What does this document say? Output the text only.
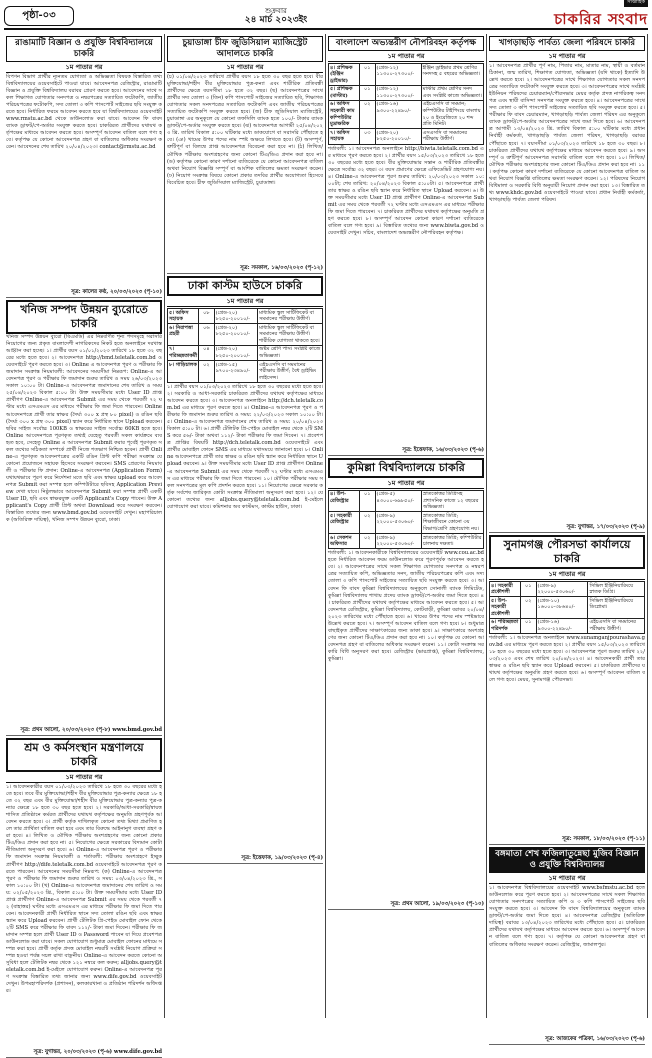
পৃষ্ঠা-০৩	শুক্রবার
২৪ মার্চ ২০২৩ইং
সাপ্তাহিক
চাকরির সংবাদ
রাঙামাটি বিজ্ঞান ও প্রযুক্তি বিশ্ববিদ্যালয়ে চাকরি
১ম পাতার পর
বিপণন বিভাগ প্রার্থীর ন্যূনতম যোগ্যতা ও অভিজ্ঞতা বিষয়ক বিস্তারিত তথ্য বিশ্ববিদ্যালয়ের ওয়েবসাইটে পাওয়া যাবে। আবেদনপত্র রেজিস্ট্রার, রাঙামাটি বিজ্ঞান ও প্রযুক্তি বিশ্ববিদ্যালয় বরাবর প্রেরণ করতে হবে। আবেদনের সাথে সকল শিক্ষাগত যোগ্যতার সনদপত্র ও নম্বরপত্রের সত্যায়িত ফটোকপি, জাতীয় পরিচয়পত্রের ফটোকপি, সদ্য তোলা ৩ কপি পাসপোর্ট সাইজের ছবি সংযুক্ত করতে হবে। নির্ধারিত ফরমে আবেদন করতে হবে যা বিশ্ববিদ্যালয়ের ওয়েবসাইট www.rmstu.ac.bd থেকে ডাউনলোড করা যাবে। আবেদন ফি বাবদ ব্যাংক ড্রাফট/পে-অর্ডার সংযুক্ত করতে হবে। চাকরিরত প্রার্থীদের যথাযথ কর্তৃপক্ষের মাধ্যমে আবেদন করতে হবে। অসম্পূর্ণ আবেদন বাতিল বলে গণ্য হবে। কর্তৃপক্ষ যে কোনো আবেদনপত্র গ্রহণ বা বাতিলের অধিকার সংরক্ষণ করেন। আবেদনের শেষ তারিখ ২০/০৪/২০২৩। contact@rmstu.ac.bd
সূত্র: কালের কণ্ঠ, ২০/০৩/২০২৩ (পৃ-১০)
খনিজ সম্পদ উন্নয়ন ব্যুরোতে চাকরি
খনিজ সম্পদ উন্নয়ন ব্যুরো (বিএমডি) এর নিম্নবর্ণিত শূন্য পদসমূহে সরাসরি নিয়োগের জন্য প্রকৃত বাংলাদেশী নাগরিকদের নিকট হতে অনলাইনে দরখাস্ত আহ্বান করা হচ্ছে। ১। প্রার্থীর বয়স ০১/০১/২০২৩ তারিখে ১৮ হতে ৩২ বছরের মধ্যে হতে হবে। ২। আবেদনপত্র http://bmd.teletalk.com.bd ওয়েবসাইটে পূরণ করতে হবে। ৩। Online এ আবেদনপত্র পূরণ ও পরীক্ষার ফি জমাদান সংক্রান্ত নিয়মাবলী: আবেদনের সময়সীমা নিম্নরূপ: Online-এ আবেদনপত্র পূরণ ও পরীক্ষার ফি জমাদান শুরুর তারিখ ও সময় ২৬/০৩/২০২৩ সকাল ১০:০০ টা। Online-এ আবেদনপত্র জমাদানের শেষ তারিখ ও সময় ২৫/০৪/২০২৩ বিকাল ৫:০০ টা। উক্ত সময়সীমার মধ্যে User ID প্রাপ্ত প্রার্থীগণ Online-এ আবেদনপত্র Submit এর সময় থেকে পরবর্তী ৭২ ঘণ্টার মধ্যে এসএমএস এর মাধ্যমে পরীক্ষার ফি জমা দিতে পারবেন। Online আবেদনপত্রে প্রার্থী তার স্বাক্ষর (দৈর্ঘ্য ৩০০ x প্রস্থ ৮০ pixel) ও রঙিন ছবি (দৈর্ঘ্য ৩০০ x প্রস্থ ৩০০ pixel) স্ক্যান করে নির্ধারিত স্থানে Upload করবেন। ছবির সাইজ সর্বোচ্চ 100KB ও স্বাক্ষরের সাইজ সর্বোচ্চ 60KB হতে হবে। Online আবেদনপত্রে পূরণকৃত তথ্যই যেহেতু পরবর্তী সকল কার্যক্রমে ব্যবহৃত হবে, সেহেতু Online এ আবেদনপত্র Submit করার পূর্বেই পূরণকৃত সকল তথ্যের সঠিকতা সম্পর্কে প্রার্থী নিজে শতভাগ নিশ্চিত হবেন। প্রার্থী Online-এ পূরণকৃত আবেদনপত্রের একটি রঙিন প্রিন্ট কপি পরীক্ষা সংক্রান্ত যে কোনো প্রয়োজনে সহায়ক হিসেবে সংরক্ষণ করবেন। SMS প্রেরণের নিয়মাবলী ও পরীক্ষার ফি প্রদান: Online-এ আবেদনপত্র (Application Form) যথাযথভাবে পূরণ করে নির্দেশনা মতে ছবি এবং স্বাক্ষর upload করে আবেদনপত্র Submit করা সম্পন্ন হলে কম্পিউটারে ছবিসহ Application Preview দেখা যাবে। নিষ্ঠুলভাবে আবেদনপত্র Submit করা সম্পন্ন প্রার্থী একটি User ID, ছবি এবং স্বাক্ষরযুক্ত একটি Applicant's Copy পাবেন। উক্ত Applicant's Copy প্রার্থী প্রিন্ট অথবা Download করে সংরক্ষণ করবেন। বিস্তারিত তথ্যের জন্য www.bmd.gov.bd ওয়েবসাইট দেখুন। মহাপরিচালক (অতিরিক্ত দায়িত্ব), খনিজ সম্পদ উন্নয়ন ব্যুরো, ঢাকা।
সূত্র: প্রথম আলো, ২০/০৩/২০২৩ (পৃ-৮) www.bmd.gov.bd
শ্রম ও কর্মসংস্থান মন্ত্রণালয়ে চাকরি
১ম পাতার পর
১। আবেদনকারীর বয়স ০১/০৩/২০২৩ তারিখে ১৮ হতে ৩০ বছরের মধ্যে হতে হবে। তবে বীর মুক্তিযোদ্ধা/শহীদ বীর মুক্তিযোদ্ধার পুত্র-কন্যার ক্ষেত্রে ১৮ হতে ৩২ বছর এবং বীর মুক্তিযোদ্ধা/শহীদ বীর মুক্তিযোদ্ধার পুত্র-কন্যার পুত্র-কন্যার ক্ষেত্রে ১৮ হতে ৩০ বছর হতে হবে। ২। সরকারি/আধা-সরকারি/স্বায়ত্তশাসিত প্রতিষ্ঠানে কর্মরত প্রার্থীদের যথাযথ কর্তৃপক্ষের অনুমতি গ্রহণপূর্বক আবেদন করতে হবে। ৩। প্রার্থী কর্তৃক দাখিলকৃত কোনো তথ্য মিথ্যা প্রমাণিত হলে তার প্রার্থিতা বাতিল করা হবে এবং তার বিরুদ্ধে আইনানুগ ব্যবস্থা গ্রহণ করা হবে। ৪। লিখিত ও মৌখিক পরীক্ষায় অংশগ্রহণের জন্য কোনো প্রকার টিএ/ডিএ প্রদান করা হবে না। ৫। নিয়োগের ক্ষেত্রে সরকারের বিদ্যমান কোটা নীতিমালা অনুসরণ করা হবে। ৬। Online-এ আবেদনপত্র পূরণ ও পরীক্ষার ফি জমাদান সংক্রান্ত নিয়মাবলী ও শর্তাবলী: পরীক্ষায় অংশগ্রহণে ইচ্ছুক প্রার্থীগণ http://dife.teletalk.com.bd ওয়েবসাইটে আবেদনপত্র পূরণ করতে পারবেন। আবেদনের সময়সীমা নিম্নরূপ: (ক) Online-এ আবেদনপত্র পূরণ ও পরীক্ষার ফি জমাদান শুরুর তারিখ ও সময়: ০৩/০৪/২০২৩ খ্রি., সকাল ১০:০০ টা। (খ) Online-এ আবেদনপত্র জমাদানের শেষ তারিখ ও সময়: ০২/০৫/২০২৩ খ্রি., বিকাল ৫:০০ টা। উক্ত সময়সীমার মধ্যে User ID প্রাপ্ত প্রার্থীগণ Online-এ আবেদনপত্র Submit এর সময় থেকে পরবর্তী ৭২ (বাহাত্তর) ঘণ্টার মধ্যে এসএমএস এর মাধ্যমে পরীক্ষার ফি জমা দিতে পারবেন। আবেদনকারী প্রার্থী নির্ধারিত স্থানে সদ্য তোলা রঙিন ছবি এবং স্বাক্ষর স্ক্যান করে Upload করবেন। প্রার্থী টেলিটক প্রি-পেইড মোবাইল ফোন থেকে ২টি SMS করে পরীক্ষার ফি বাবদ ১১২/- টাকা জমা দিবেন। পরীক্ষার ফি জমাদান সম্পন্ন হলে প্রার্থী User ID ও Password পাবেন যা দিয়ে প্রবেশপত্র ডাউনলোড করা যাবে। সকল যোগাযোগ শুধুমাত্র মোবাইল ফোনের মাধ্যমে সম্পন্ন করা হবে। প্রার্থী কর্তৃক প্রদত্ত মোবাইল নম্বরটি সংশ্লিষ্ট নিয়োগ প্রক্রিয়া সম্পন্ন হওয়া পর্যন্ত সচল রাখা বাঞ্ছনীয়। Online-এ আবেদন করতে কোনো অসুবিধা হলে টেলিটক নম্বর থেকে ১২১ নম্বরে কল করুন; alljobs.query@teletalk.com.bd ই-মেইলে যোগাযোগ করুন। Online-এ আবেদনপত্র পূরণ সংক্রান্ত বিস্তারিত তথ্য জানার জন্য www.dife.gov.bd ওয়েবসাইট দেখুন। উপমহাপরিদর্শক (প্রশাসন), কলকারখানা ও প্রতিষ্ঠান পরিদর্শন অধিদপ্তর।
সূত্র: যুগান্তর, ২০/০৩/২০২৩ (পৃ-৬) www.dife.gov.bd
চুয়াডাঙ্গা চীফ জুডিসিয়াল ম্যাজিস্ট্রেট আদালতে চাকরি
১ম পাতার পর
(চ) ০১/০৪/২০২৩ তারিখে প্রার্থীর বয়স ১৮ হতে ৩০ বছর হতে হবে। বীর মুক্তিযোদ্ধা/শহীদ বীর মুক্তিযোদ্ধার পুত্র-কন্যা এবং শারীরিক প্রতিবন্ধী প্রার্থীদের ক্ষেত্রে বয়সসীমা ১৮ হতে ৩২ বছর। (ছ) আবেদনপত্রের সাথে প্রার্থীর সদ্য তোলা ৩ (তিন) কপি পাসপোর্ট সাইজের সত্যায়িত ছবি, শিক্ষাগত যোগ্যতার সকল সনদপত্রের সত্যায়িত ফটোকপি এবং জাতীয় পরিচয়পত্রের সত্যায়িত ফটোকপি সংযুক্ত করতে হবে। (জ) চীফ জুডিসিয়াল ম্যাজিস্ট্রেট, চুয়াডাঙ্গা এর অনুকূলে যে কোনো তফসিলি ব্যাংক হতে ১০০/- টাকার ব্যাংক ড্রাফট/পে-অর্ডার সংযুক্ত করতে হবে। (ঝ) আবেদনপত্র আগামী ২৫/০৪/২০২৩ খ্রি. তারিখ বিকাল ৫:০০ ঘটিকার মধ্যে ডাকযোগে বা সরাসরি পৌঁছাতে হবে। (ঞ) খামের উপর পদের নাম স্পষ্ট অক্ষরে লিখতে হবে। (ট) অসম্পূর্ণ, ত্রুটিপূর্ণ বা বিলম্বে প্রাপ্ত আবেদনপত্র বিবেচনা করা হবে না। (ঠ) লিখিত/মৌখিক পরীক্ষায় অংশগ্রহণের জন্য কোনো টিএ/ডিএ প্রদান করা হবে না। (ড) কর্তৃপক্ষ কোনো কারণ দর্শানো ব্যতিরেকে যে কোনো আবেদনপত্র বাতিল অথবা নিয়োগ বিজ্ঞপ্তি সম্পূর্ণ বা আংশিক বাতিলের ক্ষমতা সংরক্ষণ করেন। (ঢ) নিয়োগ সংক্রান্ত বিষয়ে কোনো প্রকার তদবির প্রার্থীর অযোগ্যতা হিসেবে বিবেচিত হবে। চীফ জুডিসিয়াল ম্যাজিস্ট্রেট, চুয়াডাঙ্গা।
সূত্র: সমকাল, ১৬/০৩/২০২৩ (পৃ-১২)
ঢাকা কাস্টম হাউসে চাকরি
১ম পাতার পর
৫। অফিস সহায়ক	০৮	(গ্রেড-২০) ৮২৫০-২০০১০/-	মাধ্যমিক স্কুল সার্টিফিকেট বা সমমানের পরীক্ষায় উত্তীর্ণ।
৬। নিরাপত্তা প্রহরী	০৬	(গ্রেড-২০) ৮২৫০-২০০১০/-	মাধ্যমিক স্কুল সার্টিফিকেট বা সমমানের পরীক্ষায় উত্তীর্ণ। শারীরিক যোগ্যতা থাকতে হবে।
৭। পরিচ্ছন্নতাকর্মী	০৪	(গ্রেড-২০) ৮২৫০-২০০১০/-	অষ্টম শ্রেণি পাস। সংশ্লিষ্ট কাজে অভিজ্ঞতা।
৮। গাড়িচালক	০২	(গ্রেড-১৫) ৯৭০০-২৩৪৯০/-	এইচএসসি বা সমমানের পরীক্ষায় উত্তীর্ণ; বৈধ ড্রাইভিং লাইসেন্স।
১। প্রার্থীর বয়স ০১/০৩/২০২৩ তারিখে ১৮ হতে ৩০ বছরের মধ্যে হতে হবে। ২। সরকারি ও আধা-সরকারি চাকরিরত প্রার্থীদের যথাযথ কর্তৃপক্ষের মাধ্যমে আবেদন করতে হবে। ৩। আবেদনপত্র অনলাইনে http://dch.teletalk.com.bd এর মাধ্যমে পূরণ করতে হবে। ৪। Online-এ আবেদনপত্র পূরণ ও পরীক্ষার ফি জমাদান শুরুর তারিখ ও সময়: ২২/০৩/২০২৩ সকাল ১০:০০ টা। ৫। Online-এ আবেদনপত্র জমাদানের শেষ তারিখ ও সময়: ২০/০৪/২০২৩ বিকাল ৫:০০ টা। ৬। প্রার্থী টেলিটক প্রি-পেইড মোবাইল নম্বর থেকে ২টি SMS করে ৫৬/- টাকা অথবা ১১২/- টাকা পরীক্ষার ফি জমা দিবেন। ৭। প্রবেশপত্র প্রাপ্তির বিষয়টি http://dch.teletalk.com.bd ওয়েবসাইটে এবং প্রার্থীর মোবাইল ফোনে SMS এর মাধ্যমে যথাসময়ে জানানো হবে। ৮। Online আবেদনপত্রে প্রার্থী তার স্বাক্ষর ও রঙিন ছবি স্ক্যান করে নির্ধারিত স্থানে Upload করবেন। ৯। উক্ত সময়সীমার মধ্যে User ID প্রাপ্ত প্রার্থীগণ Online-এ আবেদনপত্র Submit এর সময় থেকে পরবর্তী ৭২ ঘণ্টার মধ্যে এসএমএস এর মাধ্যমে পরীক্ষার ফি জমা দিতে পারবেন। ১০। মৌখিক পরীক্ষার সময় সকল সনদপত্রের মূল কপি প্রদর্শন করতে হবে। ১১। নিয়োগের ক্ষেত্রে সরকার কর্তৃক সর্বশেষ জারিকৃত কোটা সংক্রান্ত নীতিমালা অনুসরণ করা হবে। ১২। যে কোনো তথ্যের জন্য alljobs.query@teletalk.com.bd ই-মেইলে যোগাযোগ করা যাবে। কমিশনার অব কাস্টমস, কাস্টম হাউস, ঢাকা।
সূত্র: ইত্তেফাক, ১৯/০৩/২০২৩ (পৃ-৪)
বাংলাদেশ অভ্যন্তরীণ নৌপরিবহন কর্তৃপক্ষ
১ম পাতার পর
৪। প্রশিক্ষক (ইঞ্জিন ড্রাইভার)	০১	(গ্রেড-১২) ১১৩০০-২৭৩০০/-	ইঞ্জিন ড্রাইভার প্রথম শ্রেণির সনদসহ ৫ বছরের অভিজ্ঞতা।
৫। প্রশিক্ষক (মাস্টার)	০১	(গ্রেড-১২) ১১৩০০-২৭৩০০/-	মাস্টার প্রথম শ্রেণির সনদ এবং সংশ্লিষ্ট কাজে অভিজ্ঞতা।
৬। অফিস সহকারী কাম কম্পিউটার মুদ্রাক্ষরিক	০২	(গ্রেড-১৬) ৯৩০০-২২৪৯০/-	এইচএসসি বা সমমান; কম্পিউটার টাইপিংয়ে বাংলায় ২০ ও ইংরেজিতে ২০ শব্দ প্রতি মিনিট।
৭। অফিস সহায়ক	০৩	(গ্রেড-২০) ৮২৫০-২০০১০/-	এসএসসি বা সমমানের পরীক্ষায় উত্তীর্ণ।
শর্তাবলী: ১। আবেদনপত্র অনলাইনে http://biwta.teletalk.com.bd এর মাধ্যমে পূরণ করতে হবে। ২। প্রার্থীর বয়স ১৫/০৩/২০২৩ তারিখে ১৮ হতে ৩০ বছরের মধ্যে হতে হবে। বীর মুক্তিযোদ্ধার সন্তান ও শারীরিক প্রতিবন্ধীর ক্ষেত্রে সর্বোচ্চ ৩২ বছর। ৩। বয়স প্রমাণের ক্ষেত্রে এফিডেভিট গ্রহণযোগ্য নয়। ৪। Online-এ আবেদনপত্র পূরণ শুরুর তারিখ: ২০/০৩/২০২৩ সকাল ১০:০০টা; শেষ তারিখ: ২০/০৪/২০২৩ বিকাল ৫:০০টা। ৫। আবেদনপত্রে প্রার্থী তার স্বাক্ষর ও রঙিন ছবি স্ক্যান করে নির্ধারিত স্থানে Upload করবেন। ৬। উক্ত সময়সীমার মধ্যে User ID প্রাপ্ত প্রার্থীগণ Online-এ আবেদনপত্র Submit এর সময় থেকে পরবর্তী ৭২ ঘণ্টার মধ্যে এসএমএস এর মাধ্যমে পরীক্ষার ফি জমা দিতে পারবেন। ৭। চাকরিরত প্রার্থীদের যথাযথ কর্তৃপক্ষের অনুমতি গ্রহণ করতে হবে। ৮। অসম্পূর্ণ আবেদন কোনো কারণ দর্শানো ব্যতিরেকে বাতিল বলে গণ্য হবে। ৯। বিস্তারিত তথ্যের জন্য www.biwta.gov.bd ওয়েবসাইট দেখুন। সচিব, বাংলাদেশ অভ্যন্তরীণ নৌপরিবহন কর্তৃপক্ষ।
সূত্র: ইত্তেফাক, ১৬/০৩/২০২৩ (পৃ-৬)
কুমিল্লা বিশ্ববিদ্যালয়ে চাকরি
১ম পাতার পর
৪। উপ-রেজিস্ট্রার	০১	(গ্রেড-৫) ৪৩০০০-৬৯৮৫০/-	স্নাতকোত্তর ডিগ্রিসহ প্রশাসনিক কাজে ১২ বছরের অভিজ্ঞতা।
৫। সহকারী রেজিস্ট্রার	০২	(গ্রেড-৯) ২২০০০-৫৩০৬০/-	স্নাতকোত্তর ডিগ্রি; শিক্ষাজীবনে কোনো ৩য় বিভাগ/শ্রেণি গ্রহণযোগ্য নয়।
৬। সেকশন অফিসার	০২	(গ্রেড-৯) ২২০০০-৫৩০৬০/-	স্নাতকোত্তর ডিগ্রি; কম্পিউটার চালনায় দক্ষতা।
শর্তাবলী: ১। আবেদনকারীকে বিশ্ববিদ্যালয়ের ওয়েবসাইট www.cou.ac.bd হতে নির্ধারিত আবেদন ফরম ডাউনলোড করে পূরণপূর্বক আবেদন করতে হবে। ২। আবেদনপত্রের সাথে সকল শিক্ষাগত যোগ্যতার সনদপত্র ও নম্বরপত্রের সত্যায়িত কপি, অভিজ্ঞতার সনদ, জাতীয় পরিচয়পত্রের কপি এবং সদ্য তোলা ৩ কপি পাসপোর্ট সাইজের সত্যায়িত ছবি সংযুক্ত করতে হবে। ৩। আবেদন ফি বাবদ কুমিল্লা বিশ্ববিদ্যালয়ের অনুকূলে সোনালী ব্যাংক লিমিটেড, কুমিল্লা বিশ্ববিদ্যালয় শাখায় প্রদেয় ব্যাংক ড্রাফট/পে-অর্ডার জমা দিতে হবে। ৪। চাকরিরত প্রার্থীদের যথাযথ কর্তৃপক্ষের মাধ্যমে আবেদন করতে হবে। ৫। আবেদনপত্র রেজিস্ট্রার, কুমিল্লা বিশ্ববিদ্যালয়, কোটবাড়ী, কুমিল্লা বরাবর ২০/০৪/২০২৩ তারিখের মধ্যে পৌঁছাতে হবে। ৬। খামের উপর পদের নাম স্পষ্টভাবে উল্লেখ করতে হবে। ৭। অসম্পূর্ণ আবেদন বাতিল বলে গণ্য হবে। ৮। শুধুমাত্র বাছাইকৃত প্রার্থীদের সাক্ষাৎকারের জন্য ডাকা হবে। ৯। সাক্ষাৎকারে অংশগ্রহণের জন্য কোনো টিএ/ডিএ প্রদান করা হবে না। ১০। কর্তৃপক্ষ যে কোনো আবেদনপত্র গ্রহণ বা বাতিলের অধিকার সংরক্ষণ করেন। ১১। কোটা সংক্রান্ত সরকারি বিধি অনুসরণ করা হবে। রেজিস্ট্রার (ভারপ্রাপ্ত), কুমিল্লা বিশ্ববিদ্যালয়, কুমিল্লা।
সূত্র: প্রথম আলো, ১৯/০৩/২০২৩ (পৃ-১০)
খাগড়াছড়ি পার্বত্য জেলা পরিষদে চাকরি
১ম পাতার পর
১। আবেদনপত্র প্রার্থীর পূর্ণ নাম, পিতার নাম, মাতার নাম, স্থায়ী ও বর্তমান ঠিকানা, জন্ম তারিখ, শিক্ষাগত যোগ্যতা, অভিজ্ঞতা (যদি থাকে) ইত্যাদি উল্লেখ করতে হবে। ২। আবেদনপত্রের সাথে শিক্ষাগত যোগ্যতার সকল সনদপত্রের সত্যায়িত ফটোকপি সংযুক্ত করতে হবে। ৩। আবেদনপত্রের সাথে সংশ্লিষ্ট ইউনিয়ন পরিষদের চেয়ারম্যান/পৌরসভার মেয়র কর্তৃক প্রদত্ত নাগরিকত্ব সনদপত্র এবং স্থায়ী বাসিন্দা সনদপত্র সংযুক্ত করতে হবে। ৪। আবেদনপত্রের সাথে সদ্য তোলা ৩ কপি পাসপোর্ট সাইজের সত্যায়িত ছবি সংযুক্ত করতে হবে। ৫। পরীক্ষার ফি বাবদ চেয়ারম্যান, খাগড়াছড়ি পার্বত্য জেলা পরিষদ এর অনুকূলে ব্যাংক ড্রাফট/পে-অর্ডার আবেদনপত্রের সাথে জমা দিতে হবে। ৬। আবেদনপত্র আগামী ১৩/০৪/২০২৩ খ্রি. তারিখ বিকাল ৫:০০ ঘটিকার মধ্যে প্রধান নির্বাহী কর্মকর্তা, খাগড়াছড়ি পার্বত্য জেলা পরিষদ, খাগড়াছড়ি বরাবর পৌঁছাতে হবে। ৭। বয়সসীমা ০১/০৩/২০২৩ তারিখে ১৮ হতে ৩০ বছর। ৮। চাকরিরত প্রার্থীদের যথাযথ কর্তৃপক্ষের মাধ্যমে আবেদন করতে হবে। ৯। অসম্পূর্ণ ও ত্রুটিপূর্ণ আবেদনপত্র সরাসরি বাতিল বলে গণ্য হবে। ১০। লিখিত/মৌখিক পরীক্ষায় অংশগ্রহণের জন্য কোনো টিএ/ডিএ প্রদান করা হবে না। ১১। কর্তৃপক্ষ কোনো কারণ দর্শানো ব্যতিরেকে যে কোনো আবেদনপত্র বাতিল অথবা নিয়োগ বিজ্ঞপ্তি বাতিলের ক্ষমতা সংরক্ষণ করেন। ১২। পরিষদের নিয়োগ বিধিমালা ও সরকারি বিধি অনুযায়ী নিয়োগ প্রদান করা হবে। ১৩। বিস্তারিত তথ্য www.khdc.gov.bd ওয়েবসাইটে পাওয়া যাবে। প্রধান নির্বাহী কর্মকর্তা, খাগড়াছড়ি পার্বত্য জেলা পরিষদ।
সূত্র: যুগান্তর, ১৭/০৩/২০২৩ (পৃ-৯)
সুনামগঞ্জ পৌরসভা কার্যালয়ে চাকরি
১ম পাতার পর
৪। সহকারী প্রকৌশলী	০১	(গ্রেড-৯) ২২০০০-৫৩০৬০/-	সিভিল ইঞ্জিনিয়ারিংয়ে স্নাতক ডিগ্রি।
৫। উপ-সহকারী প্রকৌশলী	০২	(গ্রেড-১০) ১৬০০০-৩৮৬৪০/-	সিভিল ইঞ্জিনিয়ারিংয়ে ডিপ্লোমা।
৬। পরিচ্ছন্নতা পরিদর্শক	০১	(গ্রেড-১৬) ৯৩০০-২২৪৯০/-	এইচএসসি বা সমমানের পরীক্ষায় উত্তীর্ণ।
শর্তাবলী: ১। আবেদনপত্র অনলাইনে www.sunamganjpourashava.gov.bd এর মাধ্যমে পূরণ করতে হবে। ২। প্রার্থীর বয়স ১৫/০৩/২০২৩ তারিখে ১৮ হতে ৩০ বছরের মধ্যে হতে হবে। ৩। আবেদনপত্র পূরণ শুরুর তারিখ ২২/০৩/২০২৩ এবং শেষ তারিখ ২০/০৪/২০২৩। ৪। আবেদনকারী প্রার্থী তার স্বাক্ষর ও রঙিন ছবি স্ক্যান করে Upload করবেন। ৫। চাকরিরত প্রার্থীদের যথাযথ কর্তৃপক্ষের অনুমতি গ্রহণ করতে হবে। ৬। অসম্পূর্ণ আবেদন বাতিল বলে গণ্য হবে। মেয়র, সুনামগঞ্জ পৌরসভা।
সূত্র: সমকাল, ১৮/০৩/২০২৩ (পৃ-১১)
বঙ্গমাতা শেখ ফজিলাতুন্নেছা মুজিব বিজ্ঞান ও প্রযুক্তি বিশ্ববিদ্যালয়
১ম পাতার পর
১। আবেদনপত্র বিশ্ববিদ্যালয়ের ওয়েবসাইট www.bsfmstu.ac.bd হতে ডাউনলোড করে পূরণ করতে হবে। ২। আবেদনপত্রের সাথে সকল শিক্ষাগত যোগ্যতার সনদপত্রের সত্যায়িত কপি ও ৩ কপি পাসপোর্ট সাইজের ছবি সংযুক্ত করতে হবে। ৩। আবেদন ফি বাবদ বিশ্ববিদ্যালয়ের অনুকূলে ব্যাংক ড্রাফট/পে-অর্ডার জমা দিতে হবে। ৪। আবেদনপত্র রেজিস্ট্রার (অতিরিক্ত দায়িত্ব) বরাবর ১৩/০৪/২০২৩ তারিখের মধ্যে পৌঁছাতে হবে। ৫। চাকরিরত প্রার্থীদের যথাযথ কর্তৃপক্ষের মাধ্যমে আবেদন করতে হবে। ৬। অসম্পূর্ণ আবেদন বাতিল বলে গণ্য হবে। ৭। কর্তৃপক্ষ যে কোনো আবেদনপত্র গ্রহণ বা বাতিলের অধিকার সংরক্ষণ করেন। রেজিস্ট্রার, জামালপুর।
সূত্র: আজকের পত্রিকা, ১৬/০৩/২০২৩ (পৃ-৬)
